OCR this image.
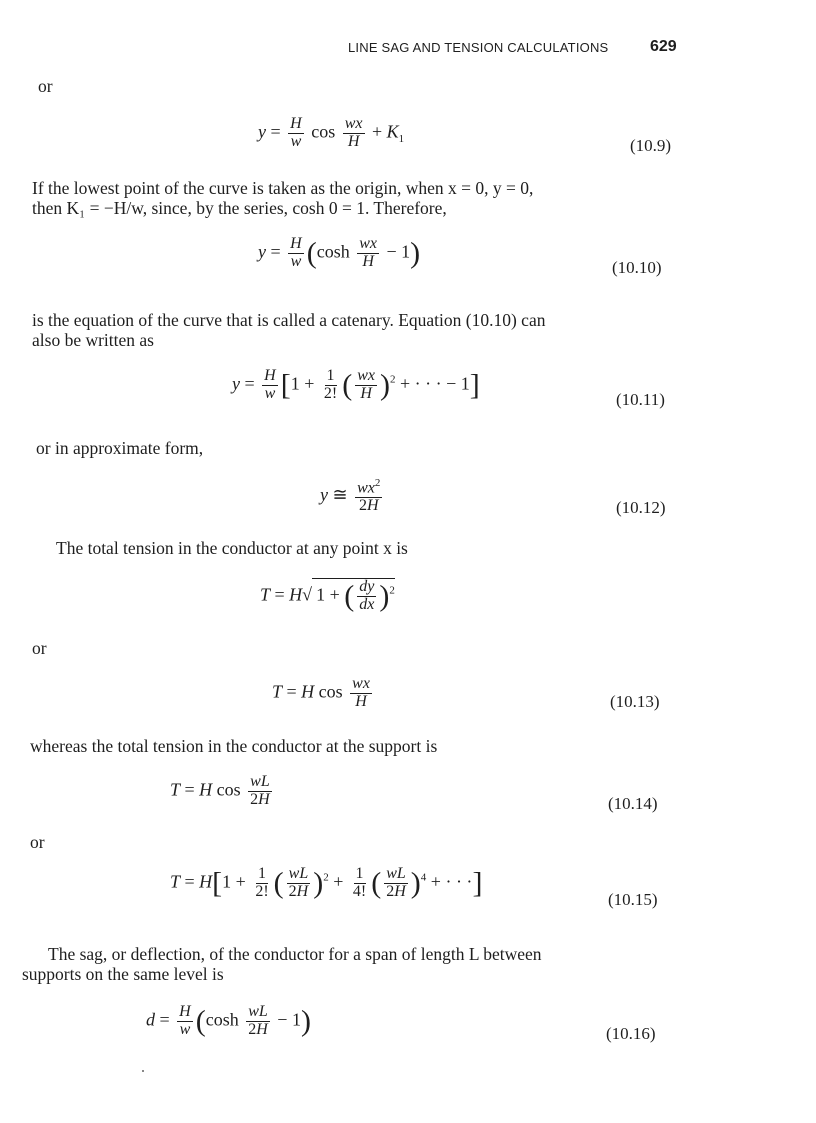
LINE SAG AND TENSION CALCULATIONS	629
or
$y = \frac{H}{w}$ $\cos \frac{wx}{H} + K_1$	(10.9)
If the lowest point of the curve is taken as the origin, when x = 0, y = 0,
then K₁ = −H/w, since, by the series, cosh 0 = 1. Therefore,
$y = \frac{H}{w} (\cosh \frac{wx}{H} - 1)$	(10.10)
is the equation of the curve that is called a catenary. Equation (10.10) can
also be written as
$y = \frac{H}{w} [1 + \frac{1}{2!}$ ( $\frac{wx}{H} )^2$ + · · · − 1]	(10.11)
or in approximate form,
y ≅ $\frac{wx^2}{2H}$	(10.12)
The total tension in the conductor at any point x is
T = H√ 1 + ( $\frac{dy}{dx} )^2$
or
T = H $\cos \frac{wx}{H}$	(10.13)
whereas the total tension in the conductor at the support is
T = H $\cos \frac{wL}{2H}$	(10.14)
or
$T = H[1 + \frac{1}{2!}$ ( $\frac{wL}{2H} )^2 + \frac{1}{4!}$ ( $\frac{wL}{2H} )^4$ + · · ·]
(10.15)
The sag, or deflection, of the conductor for a span of length L between
supports on the same level is
$d = \frac{H}{w} (\cosh \frac{wL}{2H} - 1)$	(10.16)
